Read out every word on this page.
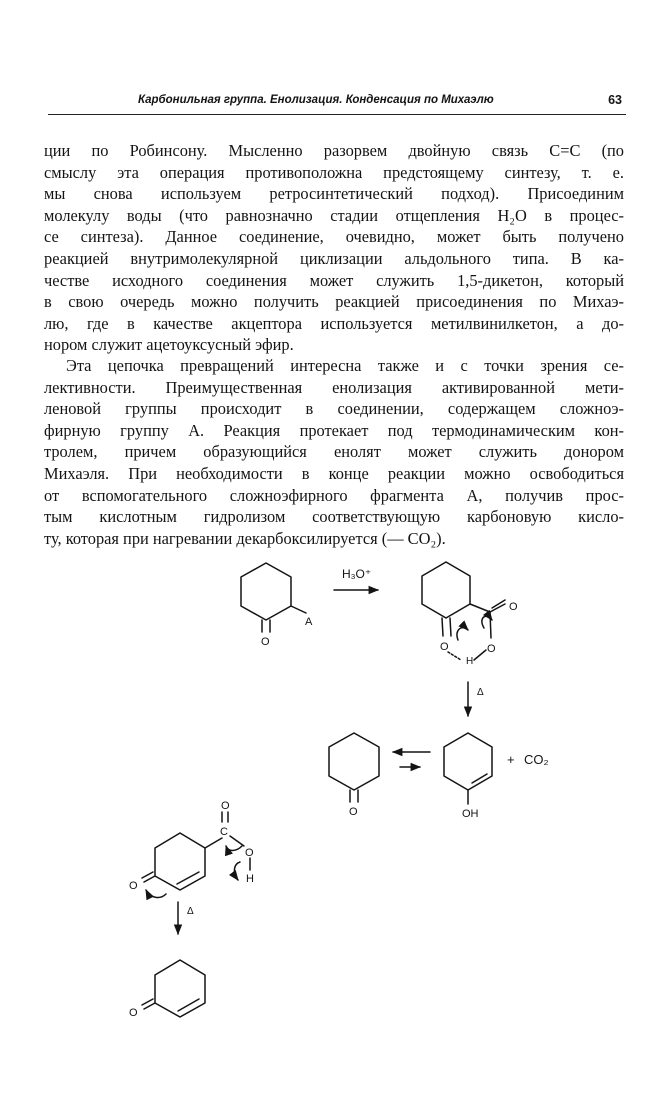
Карбонильная группа. Енолизация. Конденсация по Михаэлю	63
ции по Робинсону. Мысленно разорвем двойную связь C=C (по
смыслу эта операция противоположна предстоящему синтезу, т. е.
мы снова используем ретросинтетический подход). Присоединим
молекулу воды (что равнозначно стадии отщепления H₂O в процес-
се синтеза). Данное соединение, очевидно, может быть получено
реакцией внутримолекулярной циклизации альдольного типа. В ка-
честве исходного соединения может служить 1,5-дикетон, который
в свою очередь можно получить реакцией присоединения по Михаэ-
лю, где в качестве акцептора используется метилвинилкетон, а до-
нором служит ацетоуксусный эфир.
Эта цепочка превращений интересна также и с точки зрения се-
лективности. Преимущественная енолизация активированной мети-
леновой группы происходит в соединении, содержащем сложноэ-
фирную группу A. Реакция протекает под термодинамическим кон-
тролем, причем образующийся енолят может служить донором
Михаэля. При необходимости в конце реакции можно освободиться
от вспомогательного сложноэфирного фрагмента A, получив прос-
тым кислотным гидролизом соответствующую карбоновую кисло-
ту, которая при нагревании декарбоксилируется (— CO₂).
A
O
H₃O⁺
O
O
O
H
Δ
O	OH
+ CO₂
O
C
O
O
H
Δ
O
